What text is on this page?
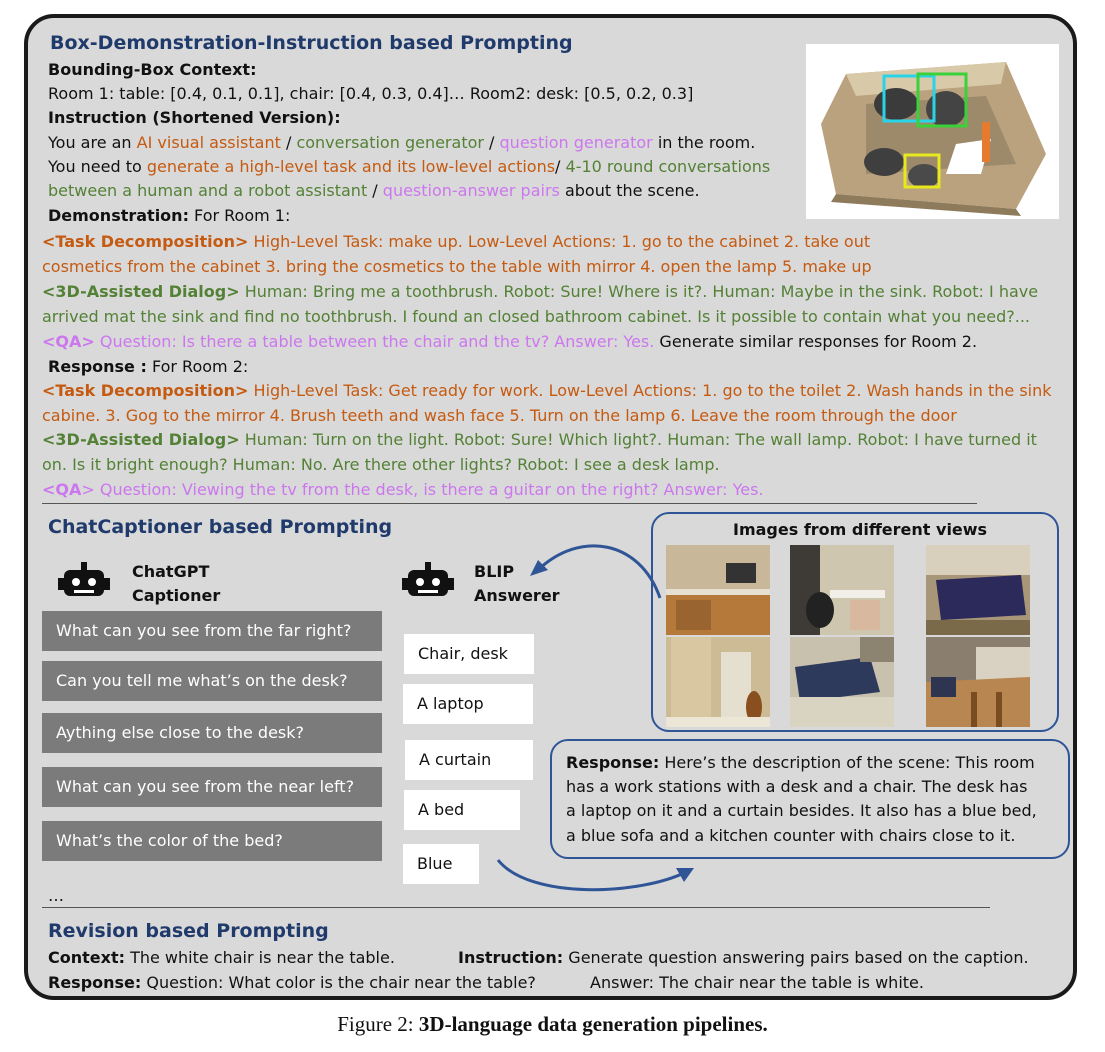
Box-Demonstration-Instruction based Prompting
Bounding-Box Context:
Room 1: table: [0.4, 0.1, 0.1], chair: [0.4, 0.3, 0.4]… Room2: desk: [0.5, 0.2, 0.3]
Instruction (Shortened Version):
You are an AI visual assistant / conversation generator / question generator in the room.
You need to generate a high-level task and its low-level actions/ 4-10 round conversations
between a human and a robot assistant / question-answer pairs about the scene.
Demonstration: For Room 1:
<Task Decomposition> High-Level Task: make up. Low-Level Actions: 1. go to the cabinet 2. take out
cosmetics from the cabinet 3. bring the cosmetics to the table with mirror 4. open the lamp 5. make up
<3D-Assisted Dialog> Human: Bring me a toothbrush. Robot: Sure! Where is it?. Human: Maybe in the sink. Robot: I have
arrived mat the sink and find no toothbrush. I found an closed bathroom cabinet. Is it possible to contain what you need?...
<QA> Question: Is there a table between the chair and the tv? Answer: Yes. Generate similar responses for Room 2.
Response : For Room 2:
<Task Decomposition> High-Level Task: Get ready for work. Low-Level Actions: 1. go to the toilet 2. Wash hands in the sink
cabine. 3. Gog to the mirror 4. Brush teeth and wash face 5. Turn on the lamp 6. Leave the room through the door
<3D-Assisted Dialog> Human: Turn on the light. Robot: Sure! Which light?. Human: The wall lamp. Robot: I have turned it
on. Is it bright enough? Human: No. Are there other lights? Robot: I see a desk lamp.
<QA> Question: Viewing the tv from the desk, is there a guitar on the right? Answer: Yes.
ChatCaptioner based Prompting
ChatGPT
Captioner
BLIP
Answerer
What can you see from the far right?
Can you tell me what’s on the desk?
Aything else close to the desk?
What can you see from the near left?
What’s the color of the bed?
Chair, desk
A laptop
A curtain
A bed
Blue
…
Images from different views
Response: Here’s the description of the scene: This room
has a work stations with a desk and a chair. The desk has
a laptop on it and a curtain besides. It also has a blue bed,
a blue sofa and a kitchen counter with chairs close to it.
Revision based Prompting
Context: The white chair is near the table.	Instruction: Generate question answering pairs based on the caption.
Response: Question: What color is the chair near the table?	Answer: The chair near the table is white.
Figure 2: 3D-language data generation pipelines.
